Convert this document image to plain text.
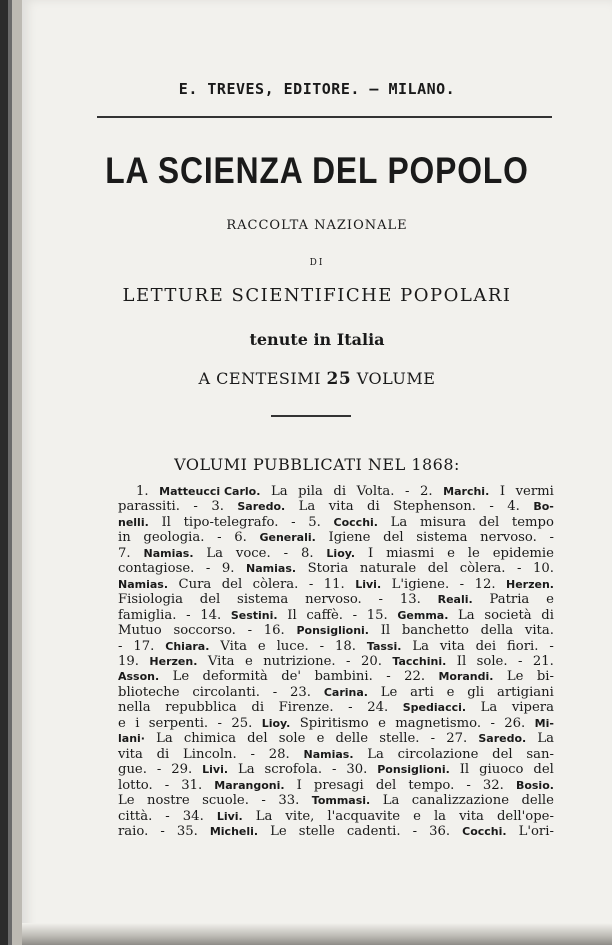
E. TREVES, EDITORE. — MILANO.
LA SCIENZA DEL POPOLO
RACCOLTA NAZIONALE
DI
LETTURE SCIENTIFICHE POPOLARI
tenute in Italia
A CENTESIMI 25 VOLUME
VOLUMI PUBBLICATI NEL 1868:
1. Matteucci Carlo. La pila di Volta. - 2. Marchi. I vermi
parassiti. - 3. Saredo. La vita di Stephenson. - 4. Bo-
nelli. Il tipo-telegrafo. - 5. Cocchi. La misura del tempo
in geologia. - 6. Generali. Igiene del sistema nervoso. -
7. Namias. La voce. - 8. Lioy. I miasmi e le epidemie
contagiose. - 9. Namias. Storia naturale del còlera. - 10.
Namias. Cura del còlera. - 11. Livi. L'igiene. - 12. Herzen.
Fisiologia del sistema nervoso. - 13. Reali. Patria e
famiglia. - 14. Sestini. Il caffè. - 15. Gemma. La società di
Mutuo soccorso. - 16. Ponsiglioni. Il banchetto della vita.
- 17. Chiara. Vita e luce. - 18. Tassi. La vita dei fiori. -
19. Herzen. Vita e nutrizione. - 20. Tacchini. Il sole. - 21.
Asson. Le deformità de' bambini. - 22. Morandi. Le bi-
blioteche circolanti. - 23. Carina. Le arti e gli artigiani
nella repubblica di Firenze. - 24. Spediacci. La vipera
e i serpenti. - 25. Lioy. Spiritismo e magnetismo. - 26. Mi-
lani· La chimica del sole e delle stelle. - 27. Saredo. La
vita di Lincoln. - 28. Namias. La circolazione del san-
gue. - 29. Livi. La scrofola. - 30. Ponsiglioni. Il giuoco del
lotto. - 31. Marangoni. I presagi del tempo. - 32. Bosio.
Le nostre scuole. - 33. Tommasi. La canalizzazione delle
città. - 34. Livi. La vite, l'acquavite e la vita dell'ope-
raio. - 35. Micheli. Le stelle cadenti. - 36. Cocchi. L'ori-
